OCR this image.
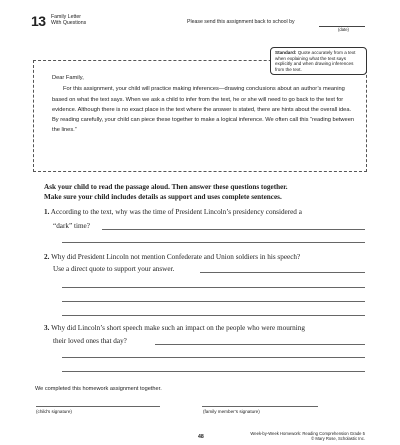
13 Family Letter
With Questions	Please send this assignment back to school by
(date)

Dear Family,

For this assignment, your child will practice making inferences—drawing conclusions about an author’s meaning based on what the text says. When we ask a child to infer from the text, he or she will need to go back to the text for evidence. Although there is no exact place in the text where the answer is stated, there are hints about the overall idea. By reading carefully, your child can piece these together to make a logical inference. We often call this “reading between the lines.”

Standard: Quote accurately from a text when explaining what the text says explicitly and when drawing inferences from the text.
Ask your child to read the passage aloud. Then answer these questions together.
Make sure your child includes details as support and uses complete sentences.
1. According to the text, why was the time of President Lincoln’s presidency considered a
“dark” time?
2. Why did President Lincoln not mention Confederate and Union soldiers in his speech?
Use a direct quote to support your answer.
3. Why did Lincoln’s short speech make such an impact on the people who were mourning
their loved ones that day?
We completed this homework assignment together.
(child’s signature)	(family member’s signature)
48
Week-by-Week Homework: Reading Comprehension Grade 5
© Mary Rose, Scholastic Inc.
